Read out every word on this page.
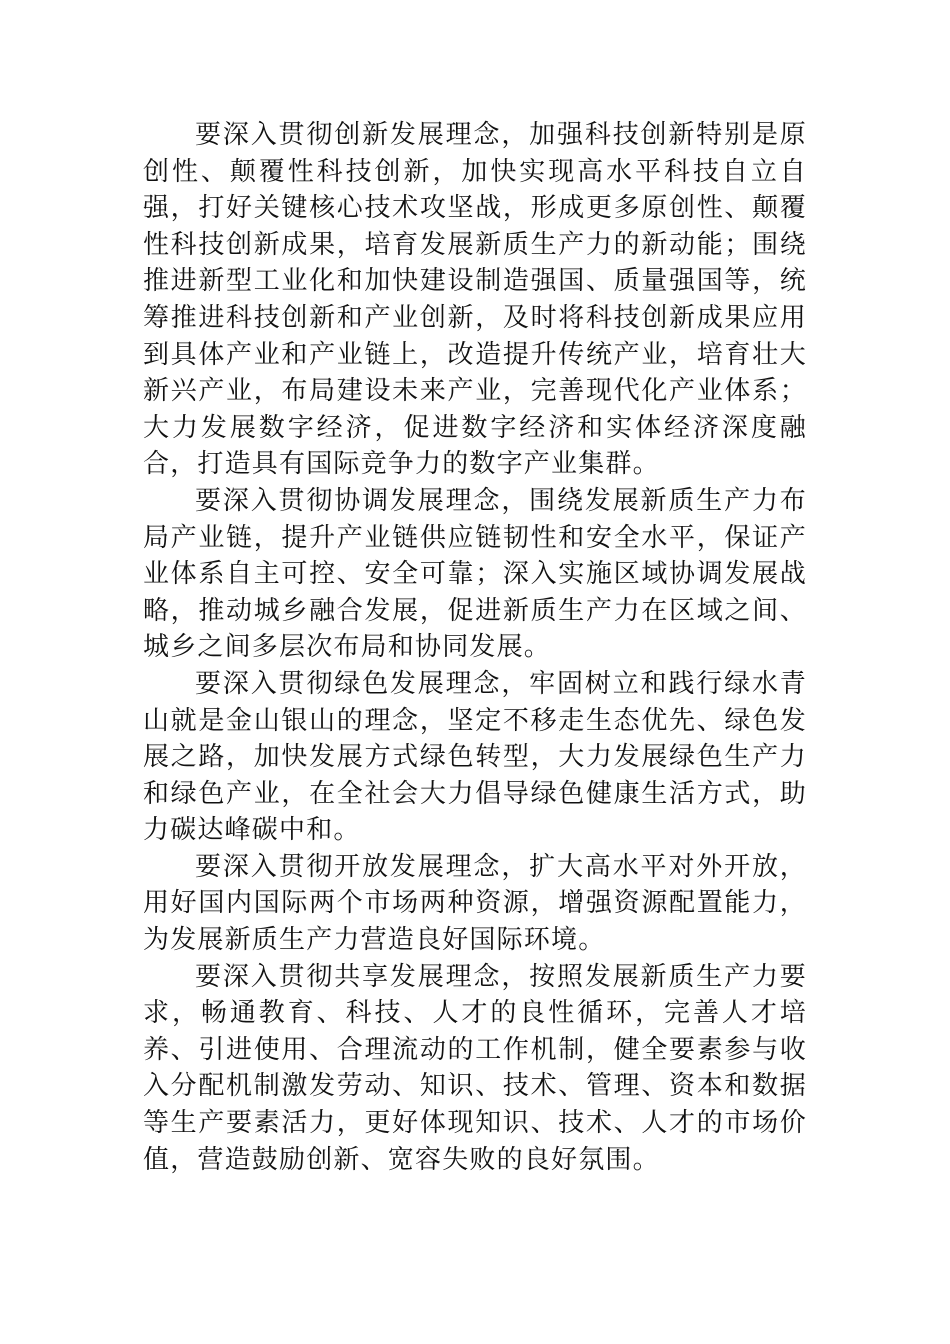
要深入贯彻创新发展理念，加强科技创新特别是原创性、颠覆性科技创新，加快实现高水平科技自立自强，打好关键核心技术攻坚战，形成更多原创性、颠覆性科技创新成果，培育发展新质生产力的新动能；围绕推进新型工业化和加快建设制造强国、质量强国等，统筹推进科技创新和产业创新，及时将科技创新成果应用到具体产业和产业链上，改造提升传统产业，培育壮大新兴产业，布局建设未来产业，完善现代化产业体系；大力发展数字经济，促进数字经济和实体经济深度融合，打造具有国际竞争力的数字产业集群。

要深入贯彻协调发展理念，围绕发展新质生产力布局产业链，提升产业链供应链韧性和安全水平，保证产业体系自主可控、安全可靠；深入实施区域协调发展战略，推动城乡融合发展，促进新质生产力在区域之间、城乡之间多层次布局和协同发展。

要深入贯彻绿色发展理念，牢固树立和践行绿水青山就是金山银山的理念，坚定不移走生态优先、绿色发展之路，加快发展方式绿色转型，大力发展绿色生产力和绿色产业，在全社会大力倡导绿色健康生活方式，助力碳达峰碳中和。

要深入贯彻开放发展理念，扩大高水平对外开放，用好国内国际两个市场两种资源，增强资源配置能力，为发展新质生产力营造良好国际环境。

要深入贯彻共享发展理念，按照发展新质生产力要求，畅通教育、科技、人才的良性循环，完善人才培养、引进使用、合理流动的工作机制，健全要素参与收入分配机制激发劳动、知识、技术、管理、资本和数据等生产要素活力，更好体现知识、技术、人才的市场价值，营造鼓励创新、宽容失败的良好氛围。
